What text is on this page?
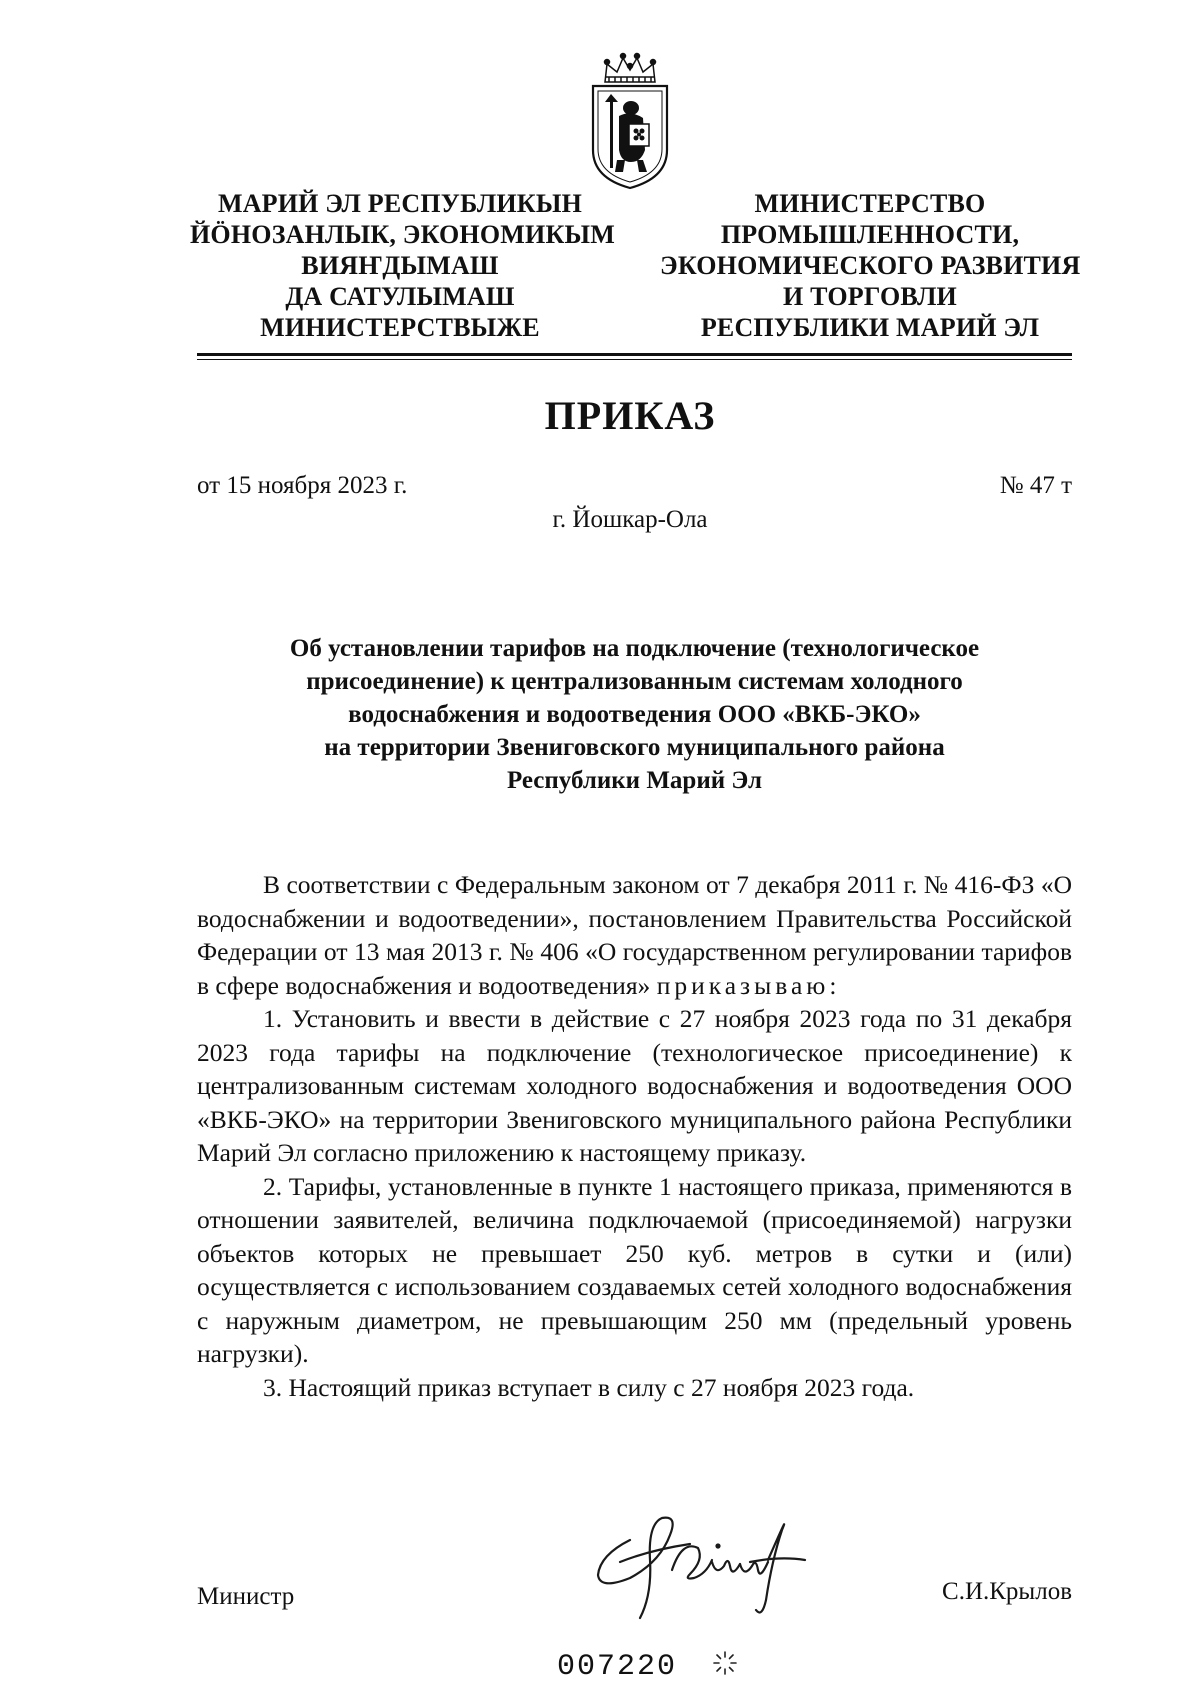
МАРИЙ ЭЛ РЕСПУБЛИКЫН
ЙӦНОЗАНЛЫК, ЭКОНОМИКЫМ
ВИЯҤДЫМАШ
ДА САТУЛЫМАШ
МИНИСТЕРСТВЫЖЕ
МИНИСТЕРСТВО
ПРОМЫШЛЕННОСТИ,
ЭКОНОМИЧЕСКОГО РАЗВИТИЯ
И ТОРГОВЛИ
РЕСПУБЛИКИ МАРИЙ ЭЛ
ПРИКАЗ
от 15 ноября 2023 г.	№ 47 т
г. Йошкар-Ола
Об установлении тарифов на подключение (технологическое
присоединение) к централизованным системам холодного
водоснабжения и водоотведения ООО «ВКБ-ЭКО»
на территории Звениговского муниципального района
Республики Марий Эл

В соответствии с Федеральным законом от 7 декабря 2011 г. № 416-ФЗ «О водоснабжении и водоотведении», постановлением Правительства Российской Федерации от 13 мая 2013 г. № 406 «О государственном регулировании тарифов в сфере водоснабжения и водоотведения» приказываю:

1. Установить и ввести в действие с 27 ноября 2023 года по 31 декабря 2023 года тарифы на подключение (технологическое присоединение) к централизованным системам холодного водоснабжения и водоотведения ООО «ВКБ-ЭКО» на территории Звениговского муниципального района Республики Марий Эл согласно приложению к настоящему приказу.

2. Тарифы, установленные в пункте 1 настоящего приказа, применяются в отношении заявителей, величина подключаемой (присоединяемой) нагрузки объектов которых не превышает 250 куб. метров в сутки и (или) осуществляется с использованием создаваемых сетей холодного водоснабжения с наружным диаметром, не превышающим 250 мм (предельный уровень нагрузки).

3. Настоящий приказ вступает в силу с 27 ноября 2023 года.

Министр	С.И.Крылов
007220
